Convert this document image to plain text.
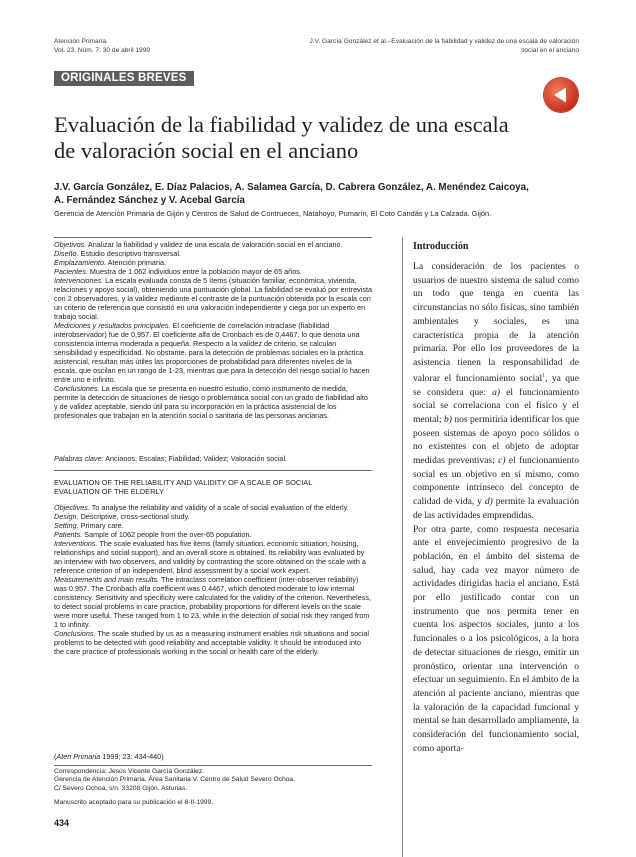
Atención Primaria.
Vol. 23. Núm. 7. 30 de abril 1999
J.V. García González et al.–Evaluación de la fiabilidad y validez de una escala de valoración
social en el anciano
ORIGINALES BREVES
Evaluación de la fiabilidad y validez de una escala
de valoración social en el anciano
J.V. García González, E. Díaz Palacios, A. Salamea García, D. Cabrera González, A. Menéndez Caicoya,
A. Fernández Sánchez y V. Acebal García
Gerencia de Atención Primaria de Gijón y Centros de Salud de Contrueces, Natahoyo, Pumarín, El Coto Candás y La Calzada. Gijón.

Objetivos. Analizar la fiabilidad y validez de una escala de valoración social en el anciano.

Diseño. Estudio descriptivo transversal.

Emplazamiento. Atención primaria.

Pacientes. Muestra de 1.062 individuos entre la población mayor de 65 años.

Intervenciones. La escala evaluada consta de 5 ítems (situación familiar, económica, vivienda, relaciones y apoyo social), obteniendo una puntuación global. La fiabilidad se evaluó por entrevista con 2 observadores, y la validez mediante el contraste de la puntuación obtenida por la escala con un criterio de referencia que consistió en una valoración independiente y ciega por un experto en trabajo social.

Mediciones y resultados principales. El coeficiente de correlación intraclase (fiabilidad interobservador) fue de 0,957. El coeficiente alfa de Cronbach es de 0,4467, lo que denota una consistencia interna moderada a pequeña. Respecto a la validez de criterio, se calculan sensibilidad y especificidad. No obstante, para la detección de problemas sociales en la práctica asistencial, resultan más útiles las proporciones de probabilidad para diferentes niveles de la escala, que oscilan en un rango de 1-23, mientras que para la detección del riesgo social lo hacen entre uno e infinito.

Conclusiones. La escala que se presenta en nuestro estudio, como instrumento de medida, permite la detección de situaciones de riesgo o problemática social con un grado de fiabilidad alto y de validez aceptable, siendo útil para su incorporación en la práctica asistencial de los profesionales que trabajan en la atención social o sanitaria de las personas ancianas.

Palabras clave: Ancianos; Escalas; Fiabilidad; Validez; Valoración social.

EVALUATION OF THE RELIABILITY AND VALIDITY OF A SCALE OF SOCIAL
EVALUATION OF THE ELDERLY

Objectives. To analyse the reliability and validity of a scale of social evaluation of the elderly.

Design. Descriptive, cross-sectional study.

Setting. Primary care.

Patients. Sample of 1062 people from the over-65 population.

Interventions. The scale evaluated has five items (family situation, economic situation, housing, relationships and social support), and an overall score is obtained. Its reliability was evaluated by an interview with two observers, and validity by contrasting the score obtained on the scale with a reference criterion of an independent, blind assessment by a social work expert.

Measurements and main results. The intraclass correlation coefficient (inter-observer reliability) was 0.957. The Cronbach alfa coefficient was 0.4467, which denoted moderate to low internal consistency. Sensitivity and specificity were calculated for the validity of the criterion. Nevertheless, to detect social problems in care practice, probability proportions for different levels on the scale were more useful. These ranged from 1 to 23, while in the detection of social risk they ranged from 1 to infinity.

Conclusions. The scale studied by us as a measuring instrument enables risk situations and social problems to be detected with good reliability and acceptable validity. It should be introduced into the care practice of professionals working in the social or health care of the elderly.

(Aten Primaria 1999; 23: 434-440)

Correspondencia: Jesús Vicente García González.
Gerencia de Atención Primaria. Área Sanitaria V. Centro de Salud Severo Ochoa.
C/ Severo Ochoa, s/n. 33208 Gijón. Asturias.
Manuscrito aceptado para su publicación el 8-II-1999.
434
Introducción

La consideración de los pacientes o usuarios de nuestro sistema de salud como un todo que tenga en cuenta las circunstancias no sólo físicas, sino también ambientales y sociales, es una característica propia de la atención primaria. Por ello los proveedores de la asistencia tienen la responsabilidad de valorar el funcionamiento social$^1$, ya que se considera que: a) el funcionamiento social se correlaciona con el físico y el mental; b) nos permitiría identificar los que poseen sistemas de apoyo poco sólidos o no existentes con el objeto de adoptar medidas preventivas; c) el funcionamiento social es un objetivo en sí mismo, como componente intrínseco del concepto de calidad de vida, y d) permite la evaluación de las actividades emprendidas.

Por otra parte, como respuesta necesaria ante el envejecimiento progresivo de la población, en el ámbito del sistema de salud, hay cada vez mayor número de actividades dirigidas hacia el anciano. Está por ello justificado contar con un instrumento que nos permita tener en cuenta los aspectos sociales, junto a los funcionales o a los psicológicos, a la hora de detectar situaciones de riesgo, emitir un pronóstico, orientar una intervención o efectuar un seguimiento. En el ámbito de la atención al paciente anciano, mientras que la valoración de la capacidad funcional y mental se han desarrollado ampliamente, la consideración del funcionamiento social, como aporta-
